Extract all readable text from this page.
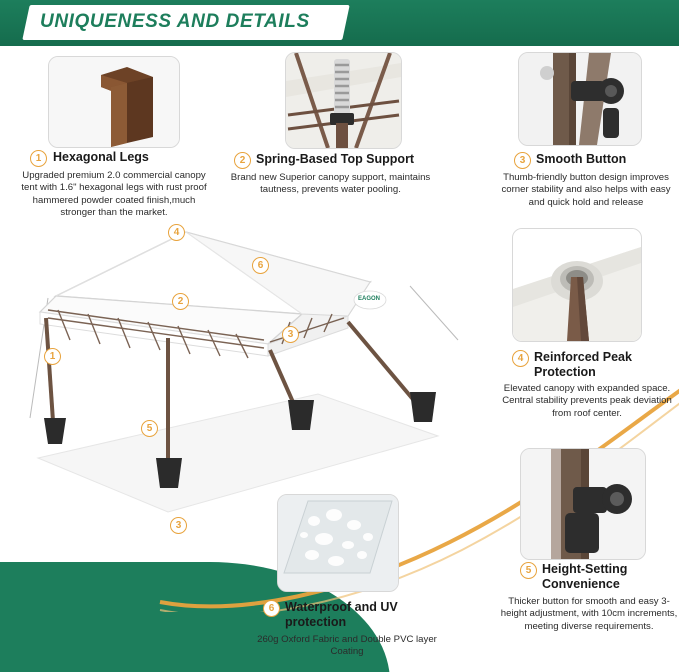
UNIQUENESS AND DETAILS
1 Hexagonal Legs
Upgraded premium 2.0 commercial canopy tent with 1.6" hexagonal legs with rust proof hammered powder coated finish,much stronger than the market.
2 Spring-Based Top Support
Brand new Superior canopy support, maintains tautness, prevents water pooling.
3 Smooth Button
Thumb-friendly button design improves corner stability and also helps with easy and quick hold and release
4 Reinforced Peak Protection
Elevated canopy with expanded space. Central stability prevents peak deviation from roof center.
5 Height-Setting Convenience
Thicker button for smooth and easy 3-height adjustment, with 10cm increments, meeting diverse requirements.
6 Waterproof and UV protection
260g Oxford Fabric and Double PVC layer Coating
EAGON
4
6
3
2
3
1
5
